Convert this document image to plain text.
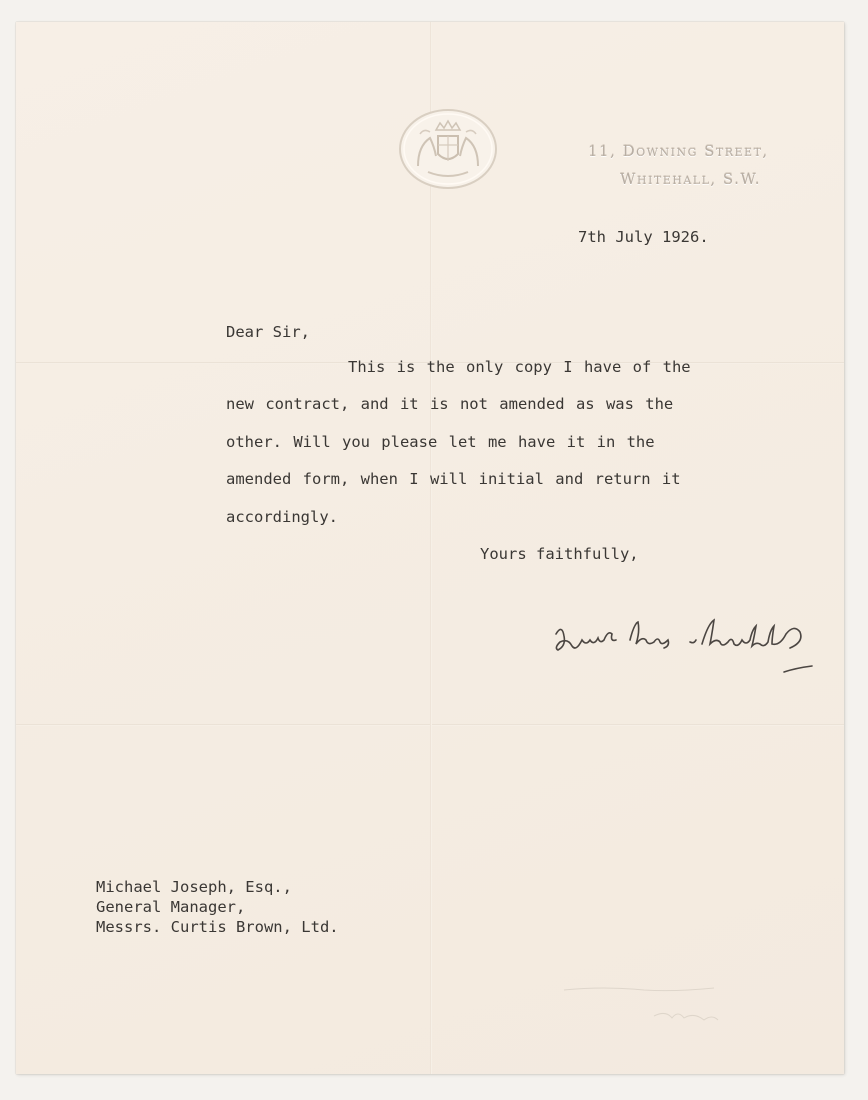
11, Downing Street,
Whitehall, S.W.
7th July 1926.
Dear Sir,
This is the only copy I have of the
new contract, and it is not amended as was the
other. Will you please let me have it in the
amended form, when I will initial and return it
accordingly.
Yours faithfully,
Michael Joseph, Esq.,
General Manager,
Messrs. Curtis Brown, Ltd.
